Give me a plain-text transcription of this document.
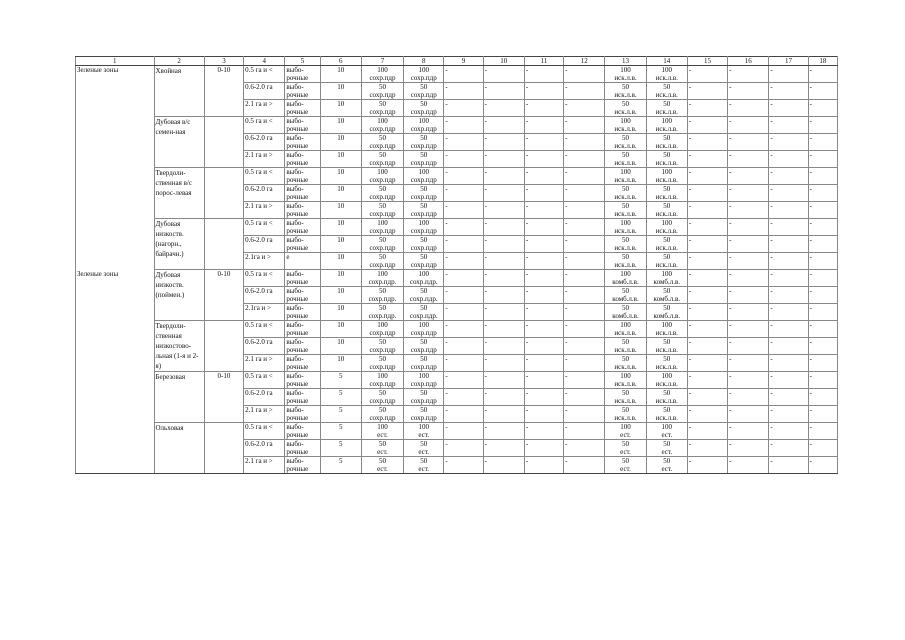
1	2	3	4	5	6	7	8	9	10	11	12	13	14	15	16	17	18
Зеленые зоны	Хвойная	0-10	0.5 га и <	выбо-	10	100	100	-	-	-	-	100	100	-	-	-	-
				рочные		сохр.пдр	сохр.пдр					иск.л.в.	иск.л.в.				
			0.6-2.0 га	выбо-	10	50	50	-	-	-	-	50	50	-	-	-	-
				рочные		сохр.пдр	сохр.пдр					иск.л.в.	иск.л.в.				
			2.1 га и >	выбо-	10	50	50	-	-	-	-	50	50	-	-	-	-
				рочные		сохр.пдр	сохр.пдр					иск.л.в.	иск.л.в.				

	Дубовая в/с семен-ная		0.5 га и <	выбо-	10	100	100	-	-	-	-	100	100	-	-	-	-
				рочные		сохр.пдр	сохр.пдр					иск.л.в.	иск.л.в.				
			0.6-2.0 га	выбо-	10	50	50	-	-	-	-	50	50	-	-	-	-
				рочные		сохр.пдр	сохр.пдр					иск.л.в.	иск.л.в.				
			2.1 га и >	выбо-	10	50	50	-	-	-	-	50	50	-	-	-	-
				рочные		сохр.пдр	сохр.пдр					иск.л.в.	иск.л.в.				

	Твердоли-ственная в/с порос-левая		0.5 га и <	выбо-	10	100	100	-	-	-	-	100	100	-	-	-	-
				рочные		сохр.пдр	сохр.пдр					иск.л.в.	иск.л.в.				
			0.6-2.0 га	выбо-	10	50	50	-	-	-	-	50	50	-	-	-	-
				рочные		сохр.пдр	сохр.пдр					иск.л.в.	иск.л.в.				
			2.1 га и >	выбо-	10	50	50	-	-	-	-	50	50	-	-	-	-
				рочные		сохр.пдр	сохр.пдр					иск.л.в.	иск.л.в.				

	Дубовая низкоств. (нагорн., байрачн.)		0.5 га и <	выбо-	10	100	100	-	-	-	-	100	100	-	-	-	-
				рочные		сохр.пдр	сохр.пдр					иск.л.в.	иск.л.в.				
			0.6-2.0 га	выбо-	10	50	50	-	-	-	-	50	50	-	-	-	-
				рочные		сохр.пдр	сохр.пдр					иск.л.в.	иск.л.в.				
			2.1га и >	е	10	50	50	-	-	-	-	50	50	-	-	-	-
						сохр.пдр	сохр.пдр					иск.л.в.	иск.л.в.				
Зеленые зоны	Дубовая низкоств. (поймен.)	0-10	0.5 га и <	выбо-	10	100	100	-	-	-	-	100	100	-	-	-	-
				рочные		сохр.пдр.	сохр.пдр.					комб.л.в.	комб.л.в.				
			0.6-2.0 га	выбо-	10	50	50	-	-	-	-	50	50	-	-	-	-
				рочные		сохр.пдр.	сохр.пдр.					комб.л.в.	комб.л.в.				
			2.1га и >	выбо-	10	50	50	-	-	-	-	50	50	-	-	-	-
				рочные		сохр.пдр.	сохр.пдр.					комб.л.в.	комб.л.в.				

	Твердоли-ственная низкостово-льная (1-я и 2-я)		0.5 га и <	выбо-	10	100	100	-	-	-	-	100	100	-	-	-	-
				рочные		сохр.пдр	сохр.пдр					иск.л.в.	иск.л.в.				
			0.6-2.0 га	выбо-	10	50	50	-	-	-	-	50	50	-	-	-	-
				рочные		сохр.пдр	сохр.пдр					иск.л.в.	иск.л.в.				
			2.1 га и >	выбо-	10	50	50	-	-	-	-	50	50	-	-	-	-
				рочные		сохр.пдр	сохр.пдр					иск.л.в.	иск.л.в.				

	Березовая	0-10	0.5 га и <	выбо-	5	100	100	-	-	-	-	100	100	-	-	-	-
				рочные		сохр.пдр	сохр.пдр					иск.л.в.	иск.л.в.				
			0.6-2.0 га	выбо-	5	50	50	-	-	-	-	50	50	-	-	-	-
				рочные		сохр.пдр	сохр.пдр					иск.л.в.	иск.л.в.				
			2.1 га и >	выбо-	5	50	50	-	-	-	-	50	50	-	-	-	-
				рочные		сохр.пдр	сохр.пдр					иск.л.в.	иск.л.в.				

	Ольховая		0.5 га и <	выбо-	5	100	100	-	-	-	-	100	100	-	-	-	-
				рочные		ест.	ест.					ест.	ест.				
			0.6-2.0 га	выбо-	5	50	50	-	-	-	-	50	50	-	-	-	-
				рочные		ест.	ест.					ест.	ест.				
			2.1 га и >	выбо-	5	50	50	-	-	-	-	50	50	-	-	-	-
				рочные		ест.	ест.					ест.	ест.				
